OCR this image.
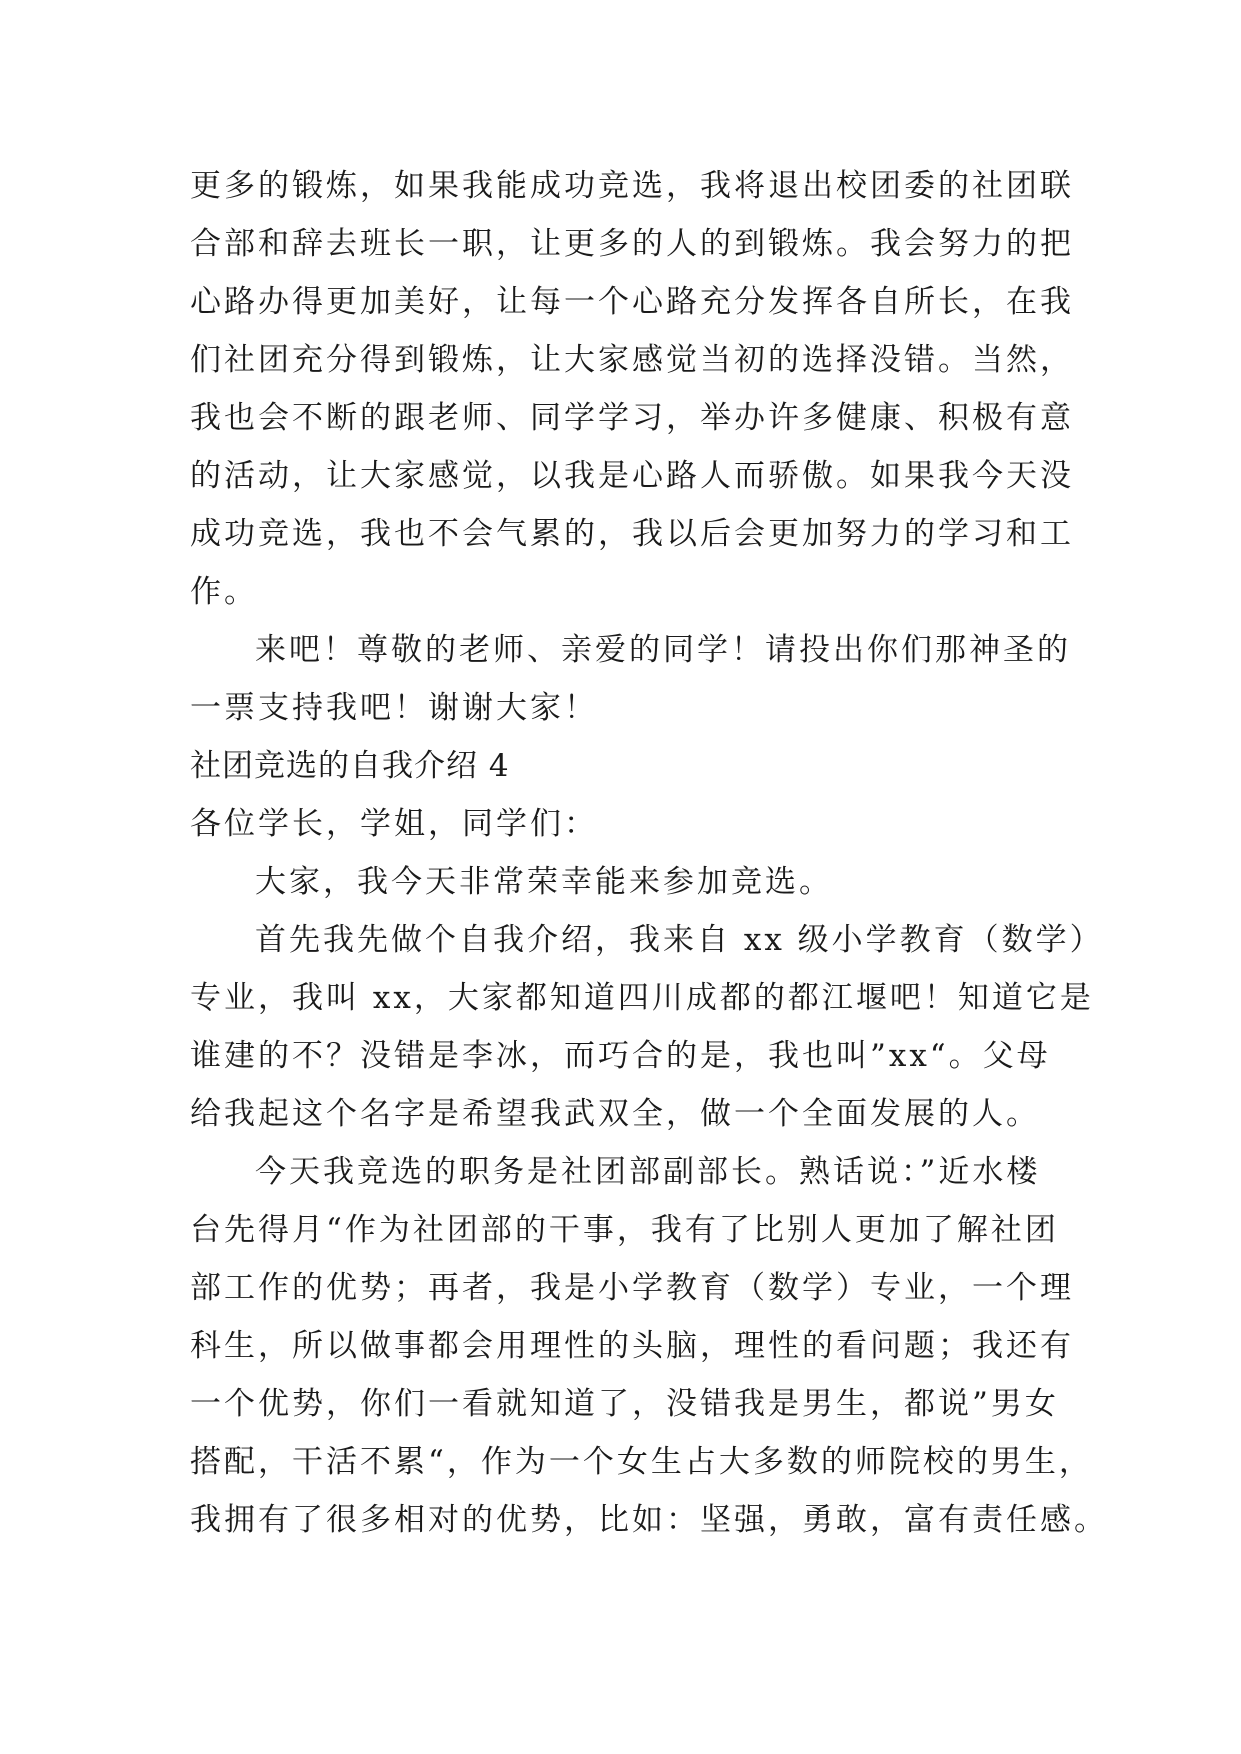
更多的锻炼，如果我能成功竞选，我将退出校团委的社团联
合部和辞去班长一职，让更多的人的到锻炼。我会努力的把
心路办得更加美好，让每一个心路充分发挥各自所长，在我
们社团充分得到锻炼，让大家感觉当初的选择没错。当然，
我也会不断的跟老师、同学学习，举办许多健康、积极有意
的活动，让大家感觉，以我是心路人而骄傲。如果我今天没
成功竞选，我也不会气累的，我以后会更加努力的学习和工
作。
来吧！尊敬的老师、亲爱的同学！请投出你们那神圣的
一票支持我吧！谢谢大家！
社团竞选的自我介绍 4
各位学长，学姐，同学们：
大家，我今天非常荣幸能来参加竞选。
首先我先做个自我介绍，我来自 xx 级小学教育（数学）
专业，我叫 xx，大家都知道四川成都的都江堰吧！知道它是
谁建的不？没错是李冰，而巧合的是，我也叫”xx“。父母
给我起这个名字是希望我武双全，做一个全面发展的人。
今天我竞选的职务是社团部副部长。熟话说：”近水楼
台先得月“作为社团部的干事，我有了比别人更加了解社团
部工作的优势；再者，我是小学教育（数学）专业，一个理
科生，所以做事都会用理性的头脑，理性的看问题；我还有
一个优势，你们一看就知道了，没错我是男生，都说”男女
搭配，干活不累“，作为一个女生占大多数的师院校的男生，
我拥有了很多相对的优势，比如：坚强，勇敢，富有责任感。
